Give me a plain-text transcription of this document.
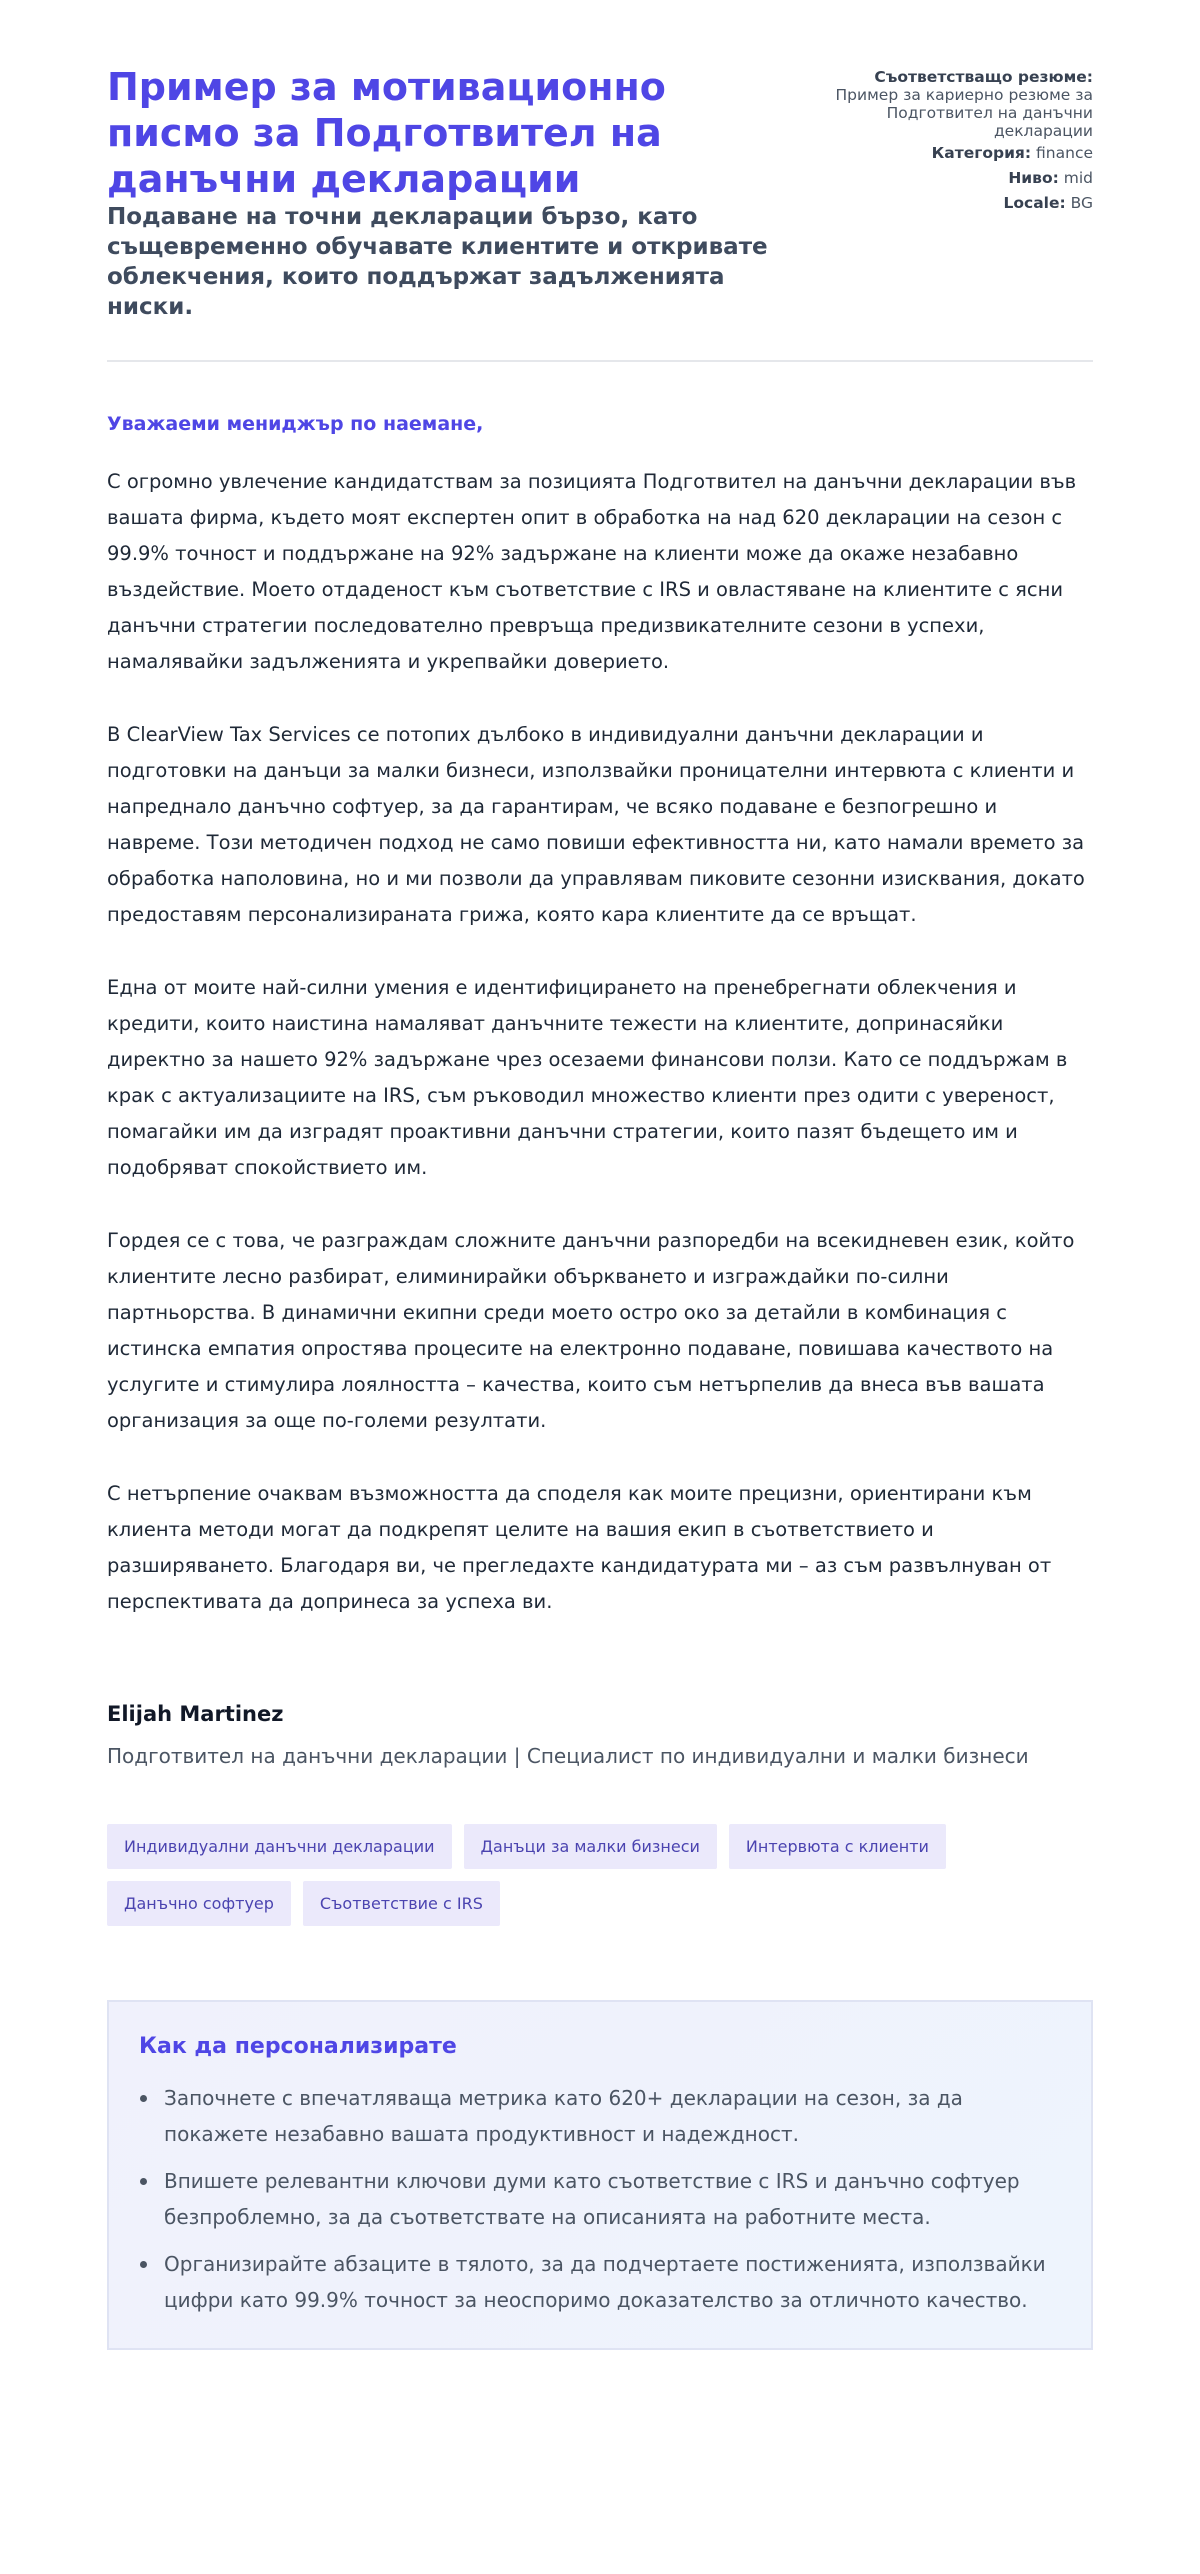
Пример за мотивационно писмо за Подготвител на данъчни декларации
Подаване на точни декларации бързо, като същевременно обучавате клиентите и откривате облекчения, които поддържат задълженията ниски.
Съответстващо резюме:
Пример за кариерно резюме за Подготвител на данъчни декларации
Категория: finance
Ниво: mid
Locale: BG

Уважаеми мениджър по наемане,

С огромно увлечение кандидатствам за позицията Подготвител на данъчни декларации във вашата фирма, където моят експертен опит в обработка на над 620 декларации на сезон с 99.9% точност и поддържане на 92% задържане на клиенти може да окаже незабавно въздействие. Моето отдаденост към съответствие с IRS и овластяване на клиентите с ясни данъчни стратегии последователно превръща предизвикателните сезони в успехи, намалявайки задълженията и укрепвайки доверието.

В ClearView Tax Services се потопих дълбоко в индивидуални данъчни декларации и подготовки на данъци за малки бизнеси, използвайки проницателни интервюта с клиенти и напреднало данъчно софтуер, за да гарантирам, че всяко подаване е безпогрешно и навреме. Този методичен подход не само повиши ефективността ни, като намали времето за обработка наполовина, но и ми позволи да управлявам пиковите сезонни изисквания, докато предоставям персонализираната грижа, която кара клиентите да се връщат.

Една от моите най-силни умения е идентифицирането на пренебрегнати облекчения и кредити, които наистина намаляват данъчните тежести на клиентите, допринасяйки директно за нашето 92% задържане чрез осезаеми финансови ползи. Като се поддържам в крак с актуализациите на IRS, съм ръководил множество клиенти през одити с увереност, помагайки им да изградят проактивни данъчни стратегии, които пазят бъдещето им и подобряват спокойствието им.

Гордея се с това, че разграждам сложните данъчни разпоредби на всекидневен език, който клиентите лесно разбират, елиминирайки объркването и изграждайки по-силни партньорства. В динамични екипни среди моето остро око за детайли в комбинация с истинска емпатия опростява процесите на електронно подаване, повишава качеството на услугите и стимулира лоялността – качества, които съм нетърпелив да внеса във вашата организация за още по-големи резултати.

С нетърпение очаквам възможността да споделя как моите прецизни, ориентирани към клиента методи могат да подкрепят целите на вашия екип в съответствието и разширяването. Благодаря ви, че прегледахте кандидатурата ми – аз съм развълнуван от перспективата да допринеса за успеха ви.

Elijah Martinez
Подготвител на данъчни декларации | Специалист по индивидуални и малки бизнеси
Индивидуални данъчни декларации	Данъци за малки бизнеси	Интервюта с клиенти
Данъчно софтуер	Съответствие с IRS
Как да персонализирате
Започнете с впечатляваща метрика като 620+ декларации на сезон, за да покажете незабавно вашата продуктивност и надеждност.
Впишете релевантни ключови думи като съответствие с IRS и данъчно софтуер безпроблемно, за да съответствате на описанията на работните места.
Организирайте абзаците в тялото, за да подчертаете постиженията, използвайки цифри като 99.9% точност за неоспоримо доказателство за отличното качество.
